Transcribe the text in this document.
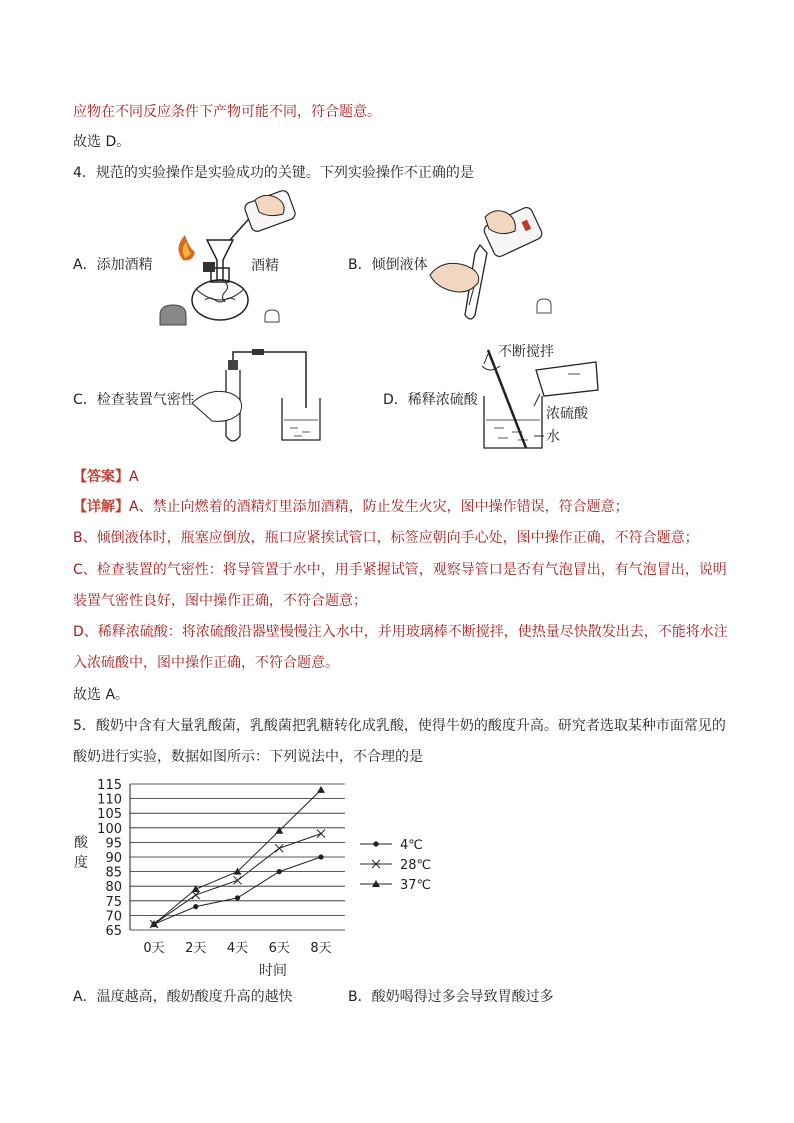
应物在不同反应条件下产物可能不同，符合题意。
故选 D。
4．规范的实验操作是实验成功的关键。下列实验操作不正确的是
A．添加酒精	B．倾倒液体
C．检查装置气密性	D．稀释浓硫酸
酒精
不断搅拌
浓硫酸
水
【答案】A
【详解】A、禁止向燃着的酒精灯里添加酒精，防止发生火灾，图中操作错误，符合题意；
B、倾倒液体时，瓶塞应倒放，瓶口应紧挨试管口，标签应朝向手心处，图中操作正确，不符合题意；
C、检查装置的气密性：将导管置于水中，用手紧握试管，观察导管口是否有气泡冒出，有气泡冒出，说明
装置气密性良好，图中操作正确，不符合题意；
D、稀释浓硫酸：将浓硫酸沿器壁慢慢注入水中，并用玻璃棒不断搅拌，使热量尽快散发出去，不能将水注
入浓硫酸中，图中操作正确，不符合题意。
故选 A。
5．酸奶中含有大量乳酸菌，乳酸菌把乳糖转化成乳酸，使得牛奶的酸度升高。研究者选取某种市面常见的
酸奶进行实验，数据如图所示：下列说法中，不合理的是
65
70
75
80
85
90
95
100
105
110
115
0天 2天 4天 6天 8天
4℃
28℃
37℃
酸
度
时间
A．温度越高，酸奶酸度升高的越快	B．酸奶喝得过多会导致胃酸过多
